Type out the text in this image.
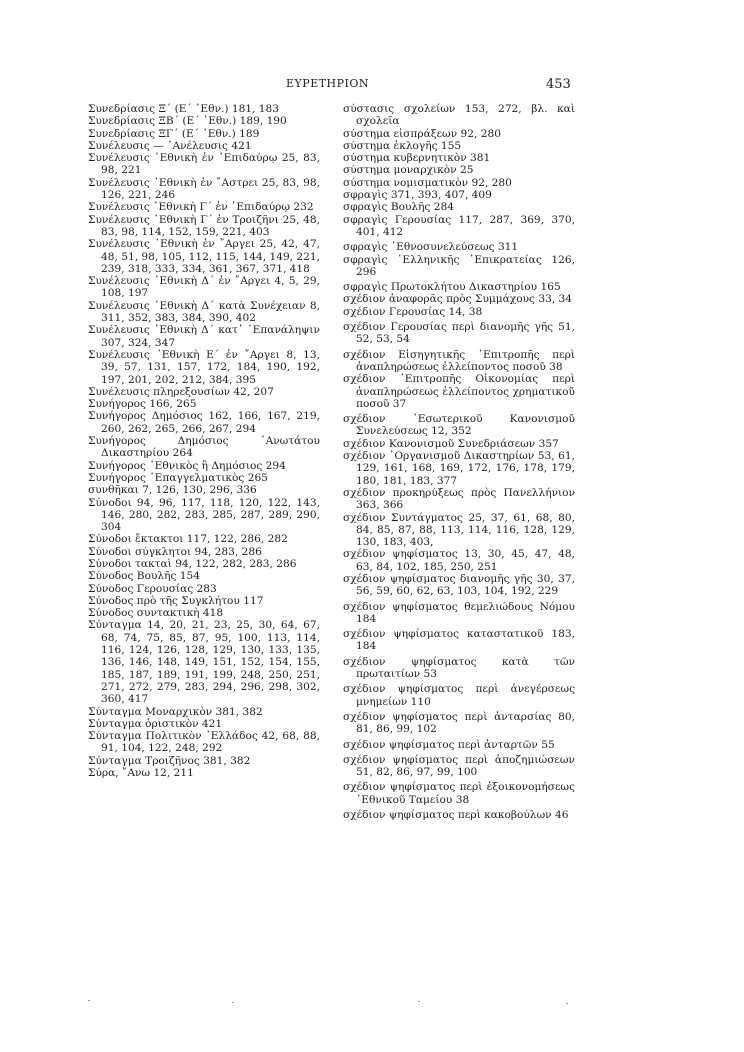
ΕΥΡΕΤΗΡΙΟΝ	453

Συνεδρίασις Ξ΄ (Ε΄ ᾿Εθν.) 181, 183

Συνεδρίασις ΞΒ΄ (Ε΄ ᾿Εθν.) 189, 190

Συνεδρίασις ΞΓ΄ (Ε΄ ᾿Εθν.) 189

Συνέλευσις — ᾿Ανέλευσις 421

Συνέλευσις ᾿Εθνικὴ ἐν ᾿Επιδαύρῳ 25, 83, 98, 221

Συνέλευσις ᾿Εθνικὴ ἐν ῎Αστρει 25, 83, 98, 126, 221, 246

Συνέλευσις ᾿Εθνικὴ Γ΄ ἐν ᾿Επιδαύρῳ 232

Συνέλευσις ᾿Εθνικὴ Γ΄ ἐν Τροιζῆνι 25, 48, 83, 98, 114, 152, 159, 221, 403

Συνέλευσις ᾿Εθνικὴ ἐν ῎Αργει 25, 42, 47, 48, 51, 98, 105, 112, 115, 144, 149, 221, 239, 318, 333, 334, 361, 367, 371, 418

Συνέλευσις ᾿Εθνικὴ Δ΄ ἐν ῎Αργει 4, 5, 29, 108, 197

Συνέλευσις ᾿Εθνικὴ Δ΄ κατὰ Συνέχειαν 8, 311, 352, 383, 384, 390, 402

Συνέλευσις ᾿Εθνικὴ Δ΄ κατ᾿ ᾿Επανάληψιν 307, 324, 347

Συνέλευσις ᾿Εθνικὴ Ε΄ ἐν ῎Αργει 8, 13, 39, 57, 131, 157, 172, 184, 190, 192, 197, 201, 202, 212, 384, 395

Συνέλευσις πληρεξουσίων 42, 207

Συνήγορος 166, 265

Συνήγορος Δημόσιος 162, 166, 167, 219, 260, 262, 265, 266, 267, 294

Συνήγορος Δημόσιος ᾿Ανωτάτου Δικαστηρίου 264

Συνήγορος ᾿Εθνικὸς ἢ Δημόσιος 294

Συνήγορος ᾿Επαγγελματικὸς 265

συνθῆκαι 7, 126, 130, 296, 336

Σύνοδοι 94, 96, 117, 118, 120, 122, 143, 146, 280, 282, 283, 285, 287, 289, 290, 304

Σύνοδοι ἔκτακτοι 117, 122, 286, 282

Σύνοδοι σύγκλητοι 94, 283, 286

Σύνοδοι τακταὶ 94, 122, 282, 283, 286

Σύνοδος Βουλῆς 154

Σύνοδος Γερουσίας 283

Σύνοδος πρὸ τῆς Συγκλήτου 117

Σύνοδος συντακτικὴ 418

Σύνταγμα 14, 20, 21, 23, 25, 30, 64, 67, 68, 74, 75, 85, 87, 95, 100, 113, 114, 116, 124, 126, 128, 129, 130, 133, 135, 136, 146, 148, 149, 151, 152, 154, 155, 185, 187, 189, 191, 199, 248, 250, 251, 271, 272, 279, 283, 294, 296, 298, 302, 360, 417

Σύνταγμα Μοναρχικὸν 381, 382

Σύνταγμα ὁριστικὸν 421

Σύνταγμα Πολιτικὸν ᾿Ελλάδος 42, 68, 88, 91, 104, 122, 248, 292

Σύνταγμα Τροιζῆνος 381, 382

Σύρα, ῎Ανω 12, 211

σύστασις σχολείων 153, 272, βλ. καὶ σχολεῖα

σύστημα εἰσπράξεων 92, 280

σύστημα ἐκλογῆς 155

σύστημα κυβερνητικὸν 381

σύστημα μοναρχικὸν 25

σύστημα νομισματικὸν 92, 280

σφραγὶς 371, 393, 407, 409

σφραγὶς Βουλῆς 284

σφραγὶς Γερουσίας 117, 287, 369, 370, 401, 412

σφραγὶς ᾿Εθνοσυνελεύσεως 311

σφραγὶς ῾Ελληνικῆς ᾿Επικρατείας 126, 296

σφραγὶς Πρωτοκλήτου Δικαστηρίου 165

σχέδιον ἀναφορᾶς πρὸς Συμμάχους 33, 34

σχέδιον Γερουσίας 14, 38

σχέδιον Γερουσίας περὶ διανομῆς γῆς 51, 52, 53, 54

σχέδιον Εἰσηγητικῆς ᾿Επιτροπῆς περὶ ἀναπληρώσεως ἐλλείποντος ποσοῦ 38

σχέδιον ᾿Επιτροπῆς Οἰκονομίας περὶ ἀναπληρώσεως ἐλλείποντος χρηματικοῦ ποσοῦ 37

σχέδιον ᾿Εσωτερικοῦ Κανονισμοῦ Συνελεύσεως 12, 352

σχέδιον Κανονισμοῦ Συνεδριάσεων 357

σχέδιον ᾿Οργανισμοῦ Δικαστηρίων 53, 61, 129, 161, 168, 169, 172, 176, 178, 179, 180, 181, 183, 377

σχέδιον προκηρύξεως πρὸς Πανελλήνιον 363, 366

σχέδιον Συντάγματος 25, 37, 61, 68, 80, 84, 85, 87, 88, 113, 114, 116, 128, 129, 130, 183, 403,

σχέδιον ψηφίσματος 13, 30, 45, 47, 48, 63, 84, 102, 185, 250, 251

σχέδιον ψηφίσματος διανομῆς γῆς 30, 37, 56, 59, 60, 62, 63, 103, 104, 192, 229

σχέδιον ψηφίσματος θεμελιώδους Νόμου 184

σχέδιον ψηφίσματος καταστατικοῦ 183, 184

σχέδιον ψηφίσματος κατὰ τῶν πρωταιτίων 53

σχέδιον ψηφίσματος περὶ ἀνεγέρσεως μνημείων 110

σχέδιον ψηφίσματος περὶ ἀνταρσίας 80, 81, 86, 99, 102

σχέδιον ψηφίσματος περὶ ἀνταρτῶν 55

σχέδιον ψηφίσματος περὶ ἀποζημιώσεων 51, 82, 86, 97, 99, 100

σχέδιον ψηφίσματος περὶ ἐξοικονομήσεως ᾿Εθνικοῦ Ταμείου 38

σχέδιον ψηφίσματος περὶ κακοβούλων 46
